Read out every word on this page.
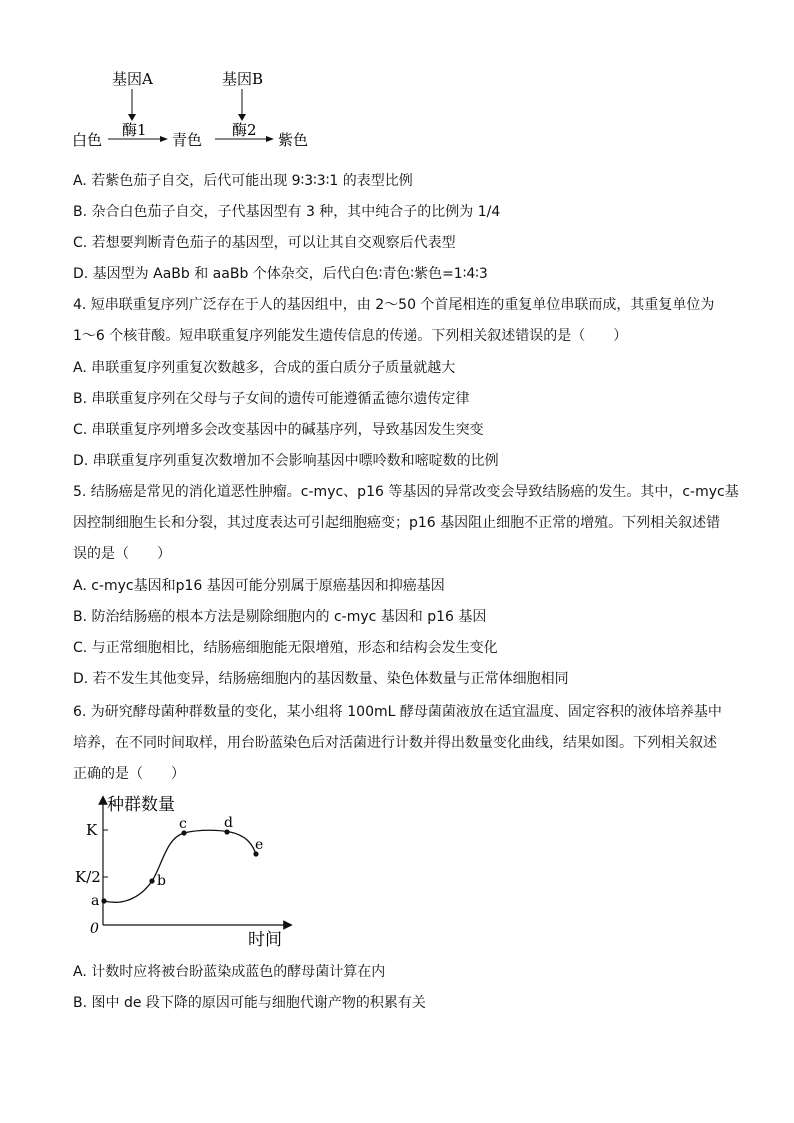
基因A	基因B
酶1	酶2
白色	青色	紫色
A. 若紫色茄子自交，后代可能出现 9∶3∶3∶1 的表型比例
B. 杂合白色茄子自交，子代基因型有 3 种，其中纯合子的比例为 1/4
C. 若想要判断青色茄子的基因型，可以让其自交观察后代表型
D. 基因型为 AaBb 和 aaBb 个体杂交，后代白色∶青色∶紫色=1∶4∶3
4. 短串联重复序列广泛存在于人的基因组中，由 2～50 个首尾相连的重复单位串联而成，其重复单位为
1～6 个核苷酸。短串联重复序列能发生遗传信息的传递。下列相关叙述错误的是（　　）
A. 串联重复序列重复次数越多，合成的蛋白质分子质量就越大
B. 串联重复序列在父母与子女间的遗传可能遵循孟德尔遗传定律
C. 串联重复序列增多会改变基因中的碱基序列，导致基因发生突变
D. 串联重复序列重复次数增加不会影响基因中嘌呤数和嘧啶数的比例
5. 结肠癌是常见的消化道恶性肿瘤。c-myc、p16 等基因的异常改变会导致结肠癌的发生。其中，c-myc基
因控制细胞生长和分裂，其过度表达可引起细胞癌变；p16 基因阻止细胞不正常的增殖。下列相关叙述错
误的是（　　）
A. c-myc基因和p16 基因可能分别属于原癌基因和抑癌基因
B. 防治结肠癌的根本方法是剔除细胞内的 c-myc 基因和 p16 基因
C. 与正常细胞相比，结肠癌细胞能无限增殖，形态和结构会发生变化
D. 若不发生其他变异，结肠癌细胞内的基因数量、染色体数量与正常体细胞相同
6. 为研究酵母菌种群数量的变化，某小组将 100mL 酵母菌菌液放在适宜温度、固定容积的液体培养基中
培养，在不同时间取样，用台盼蓝染色后对活菌进行计数并得出数量变化曲线，结果如图。下列相关叙述
正确的是（　　）
种群数量
时间
0
K
K/2
a
b
c	d
e
A. 计数时应将被台盼蓝染成蓝色的酵母菌计算在内
B. 图中 de 段下降的原因可能与细胞代谢产物的积累有关
